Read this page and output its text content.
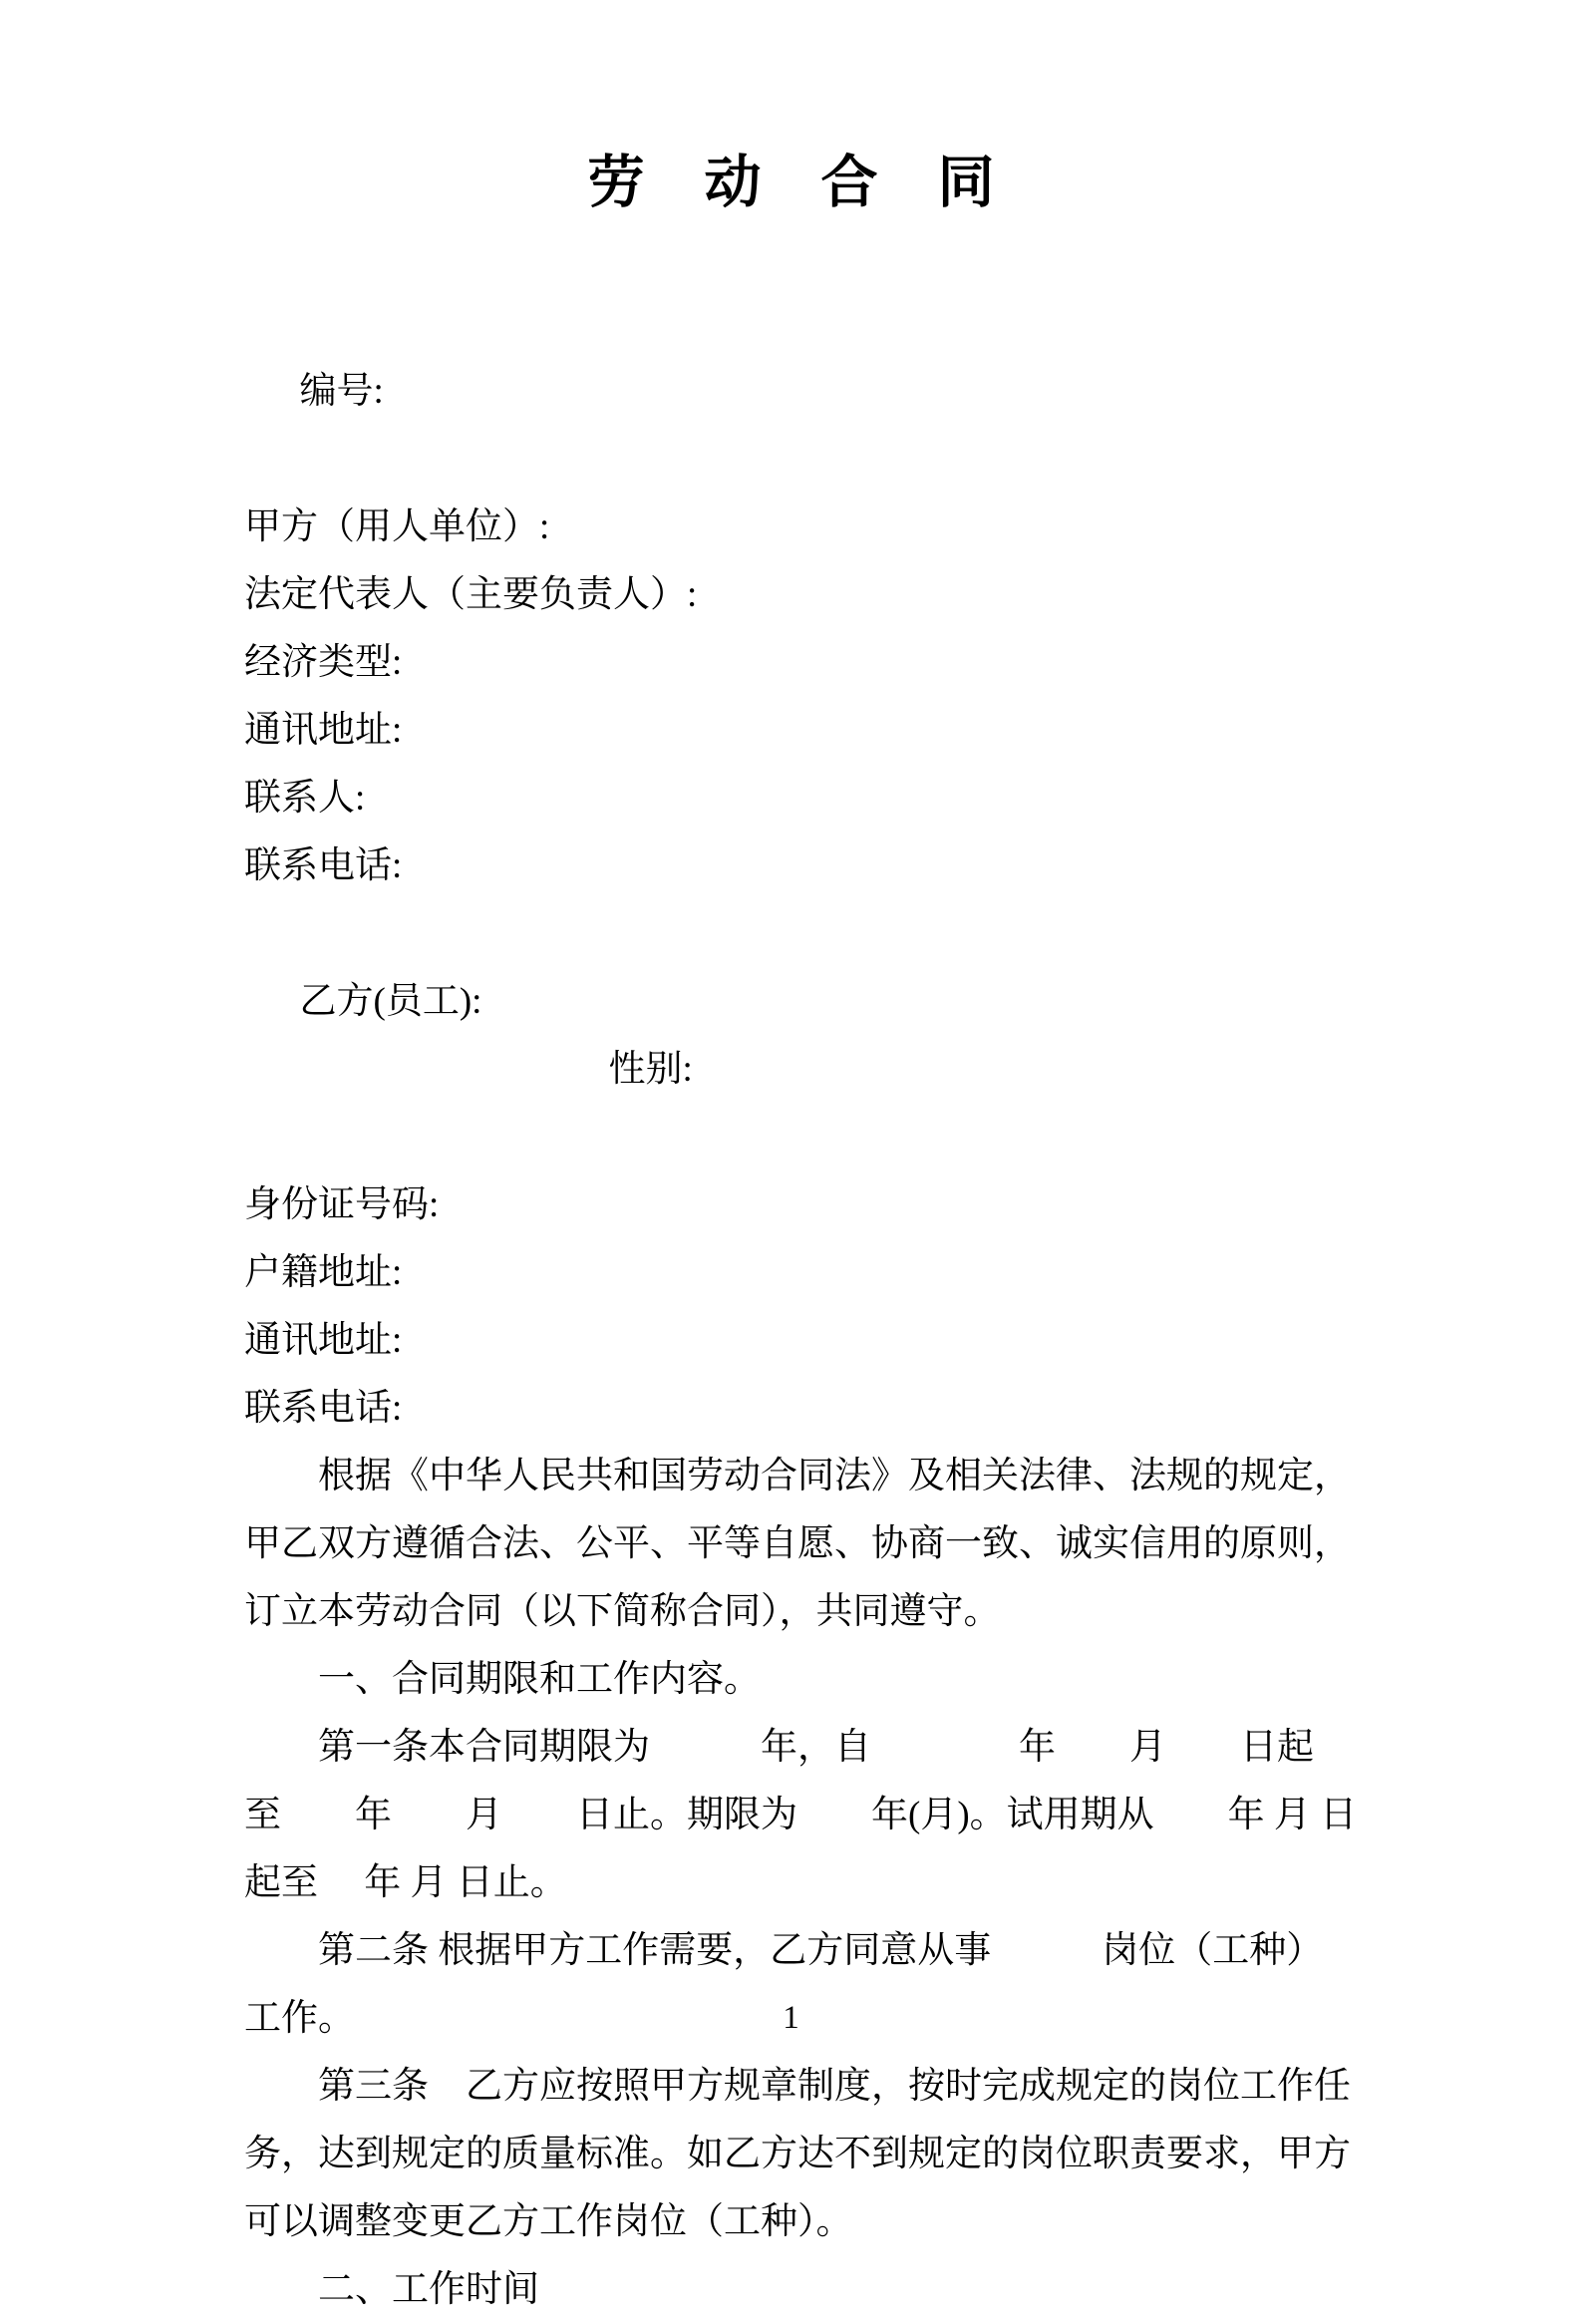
劳动合同

编号:

甲方（用人单位）:
法定代表人（主要负责人）:
经济类型:
通讯地址:
联系人:
联系电话:

乙方(员工):
性别:

身份证号码:
户籍地址:
通讯地址:
联系电话:
根据《中华人民共和国劳动合同法》及相关法律、法规的规定，
甲乙双方遵循合法、公平、平等自愿、协商一致、诚实信用的原则，
订立本劳动合同（以下简称合同），共同遵守。
一、合同期限和工作内容。
第一条本合同期限为　　　年，自　　　　年　　月　　日起
至　　年　　月　　日止。期限为　　年(月)。试用期从　　年 月 日
起至　 年 月 日止。
第二条 根据甲方工作需要，乙方同意从事　　　岗位（工种）
工作。
第三条　乙方应按照甲方规章制度，按时完成规定的岗位工作任
务，达到规定的质量标准。如乙方达不到规定的岗位职责要求，甲方
可以调整变更乙方工作岗位（工种）。
二、工作时间
1
